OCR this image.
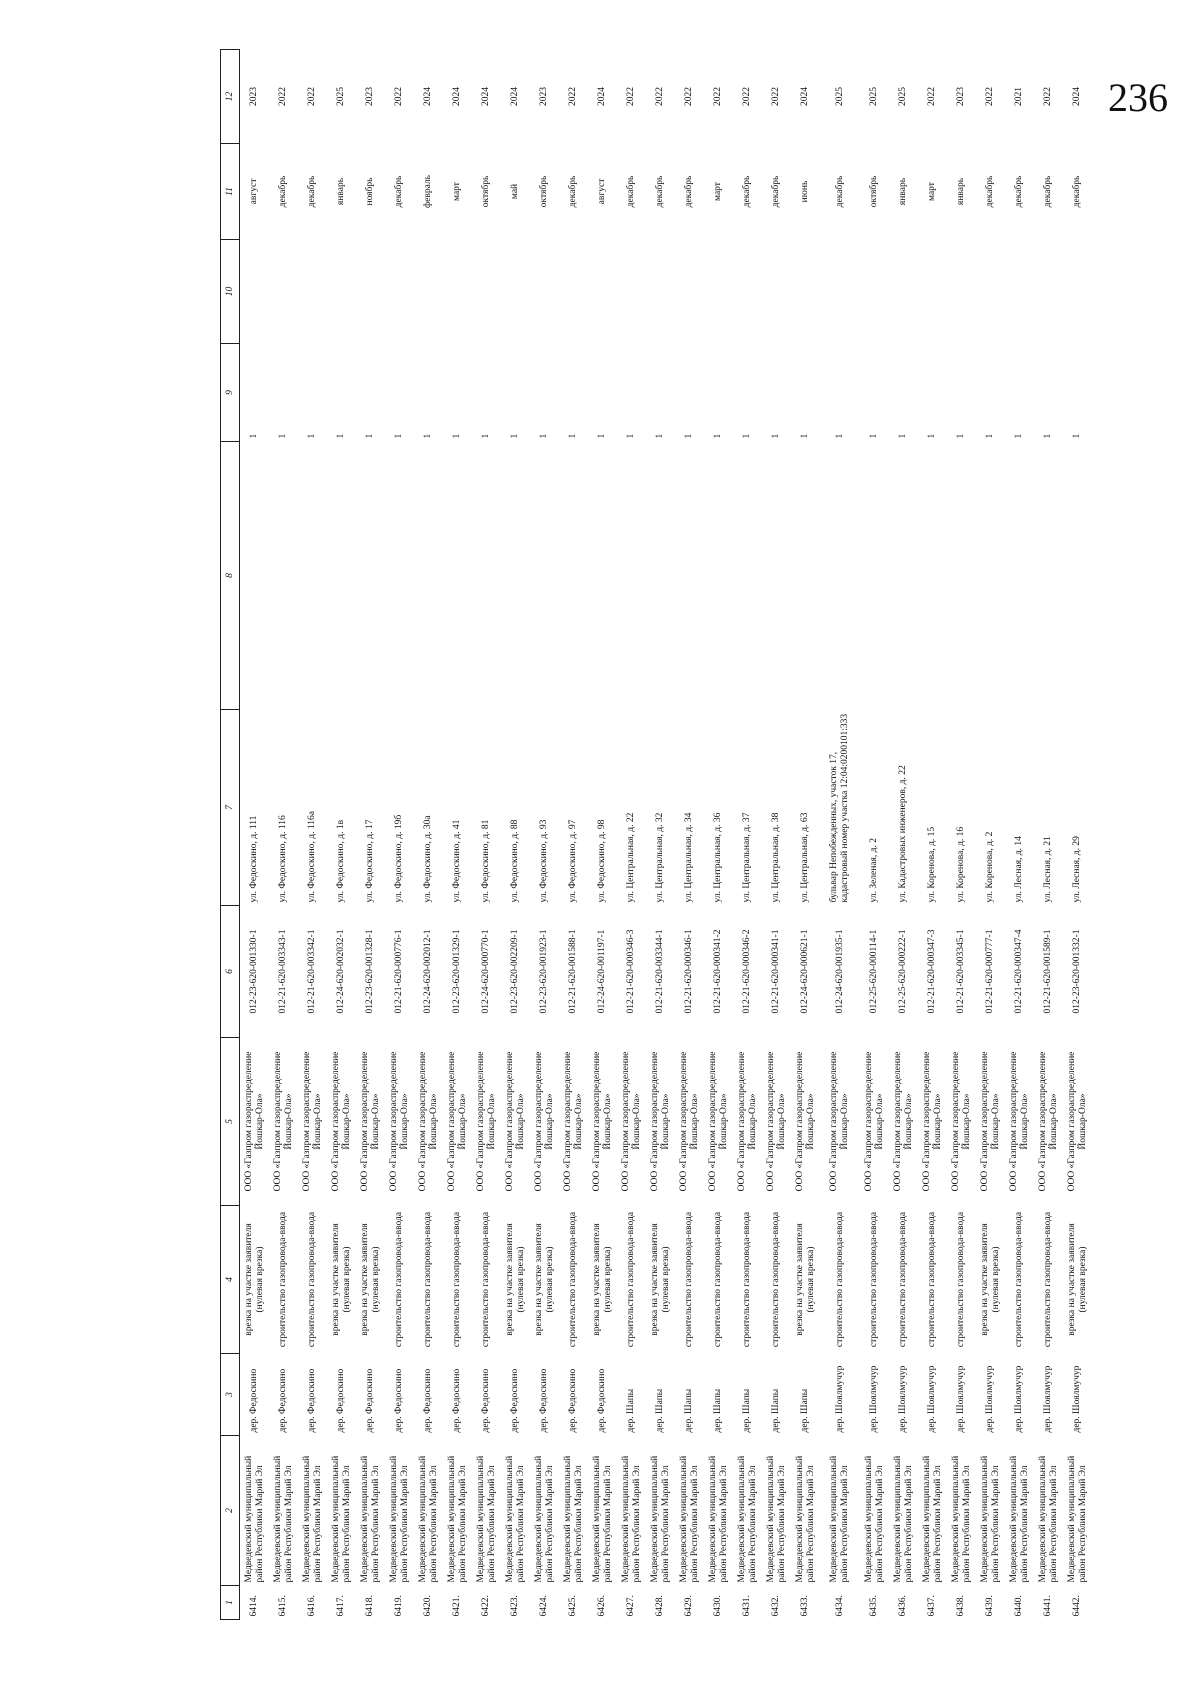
236
1	2	3	4	5	6	7	8	9	10	11	12
6414.	Медведевский муниципальный район Республики Марий Эл	дер. Федоскино	врезка на участке заявителя (нулевая врезка)	ООО «Газпром газораспределение Йошкар-Ола»	012-23-620-001330-1	ул. Федоскино, д. 111		1		август	2023
6415.	Медведевский муниципальный район Республики Марий Эл	дер. Федоскино	строительство газопровода-ввода	ООО «Газпром газораспределение Йошкар-Ола»	012-21-620-003343-1	ул. Федоскино, д. 116		1		декабрь	2022
6416.	Медведевский муниципальный район Республики Марий Эл	дер. Федоскино	строительство газопровода-ввода	ООО «Газпром газораспределение Йошкар-Ола»	012-21-620-003342-1	ул. Федоскино, д. 116а		1		декабрь	2022
6417.	Медведевский муниципальный район Республики Марий Эл	дер. Федоскино	врезка на участке заявителя (нулевая врезка)	ООО «Газпром газораспределение Йошкар-Ола»	012-24-620-002032-1	ул. Федоскино, д. 1в		1		январь	2025
6418.	Медведевский муниципальный район Республики Марий Эл	дер. Федоскино	врезка на участке заявителя (нулевая врезка)	ООО «Газпром газораспределение Йошкар-Ола»	012-23-620-001328-1	ул. Федоскино, д. 17		1		ноябрь	2023
6419.	Медведевский муниципальный район Республики Марий Эл	дер. Федоскино	строительство газопровода-ввода	ООО «Газпром газораспределение Йошкар-Ола»	012-21-620-000776-1	ул. Федоскино, д. 19б		1		декабрь	2022
6420.	Медведевский муниципальный район Республики Марий Эл	дер. Федоскино	строительство газопровода-ввода	ООО «Газпром газораспределение Йошкар-Ола»	012-24-620-002012-1	ул. Федоскино, д. 30а		1		февраль	2024
6421.	Медведевский муниципальный район Республики Марий Эл	дер. Федоскино	строительство газопровода-ввода	ООО «Газпром газораспределение Йошкар-Ола»	012-23-620-001329-1	ул. Федоскино, д. 41		1		март	2024
6422.	Медведевский муниципальный район Республики Марий Эл	дер. Федоскино	строительство газопровода-ввода	ООО «Газпром газораспределение Йошкар-Ола»	012-24-620-000770-1	ул. Федоскино, д. 81		1		октябрь	2024
6423.	Медведевский муниципальный район Республики Марий Эл	дер. Федоскино	врезка на участке заявителя (нулевая врезка)	ООО «Газпром газораспределение Йошкар-Ола»	012-23-620-002209-1	ул. Федоскино, д. 88		1		май	2024
6424.	Медведевский муниципальный район Республики Марий Эл	дер. Федоскино	врезка на участке заявителя (нулевая врезка)	ООО «Газпром газораспределение Йошкар-Ола»	012-23-620-001923-1	ул. Федоскино, д. 93		1		октябрь	2023
6425.	Медведевский муниципальный район Республики Марий Эл	дер. Федоскино	строительство газопровода-ввода	ООО «Газпром газораспределение Йошкар-Ола»	012-21-620-001588-1	ул. Федоскино, д. 97		1		декабрь	2022
6426.	Медведевский муниципальный район Республики Марий Эл	дер. Федоскино	врезка на участке заявителя (нулевая врезка)	ООО «Газпром газораспределение Йошкар-Ола»	012-24-620-001197-1	ул. Федоскино, д. 98		1		август	2024
6427.	Медведевский муниципальный район Республики Марий Эл	дер. Шапы	строительство газопровода-ввода	ООО «Газпром газораспределение Йошкар-Ола»	012-21-620-000346-3	ул. Центральная, д. 22		1		декабрь	2022
6428.	Медведевский муниципальный район Республики Марий Эл	дер. Шапы	врезка на участке заявителя (нулевая врезка)	ООО «Газпром газораспределение Йошкар-Ола»	012-21-620-003344-1	ул. Центральная, д. 32		1		декабрь	2022
6429.	Медведевский муниципальный район Республики Марий Эл	дер. Шапы	строительство газопровода-ввода	ООО «Газпром газораспределение Йошкар-Ола»	012-21-620-000346-1	ул. Центральная, д. 34		1		декабрь	2022
6430.	Медведевский муниципальный район Республики Марий Эл	дер. Шапы	строительство газопровода-ввода	ООО «Газпром газораспределение Йошкар-Ола»	012-21-620-000341-2	ул. Центральная, д. 36		1		март	2022
6431.	Медведевский муниципальный район Республики Марий Эл	дер. Шапы	строительство газопровода-ввода	ООО «Газпром газораспределение Йошкар-Ола»	012-21-620-000346-2	ул. Центральная, д. 37		1		декабрь	2022
6432.	Медведевский муниципальный район Республики Марий Эл	дер. Шапы	строительство газопровода-ввода	ООО «Газпром газораспределение Йошкар-Ола»	012-21-620-000341-1	ул. Центральная, д. 38		1		декабрь	2022
6433.	Медведевский муниципальный район Республики Марий Эл	дер. Шапы	врезка на участке заявителя (нулевая врезка)	ООО «Газпром газораспределение Йошкар-Ола»	012-24-620-000621-1	ул. Центральная, д. 63		1		июнь	2024
6434.	Медведевский муниципальный район Республики Марий Эл	дер. Шоялмучур	строительство газопровода-ввода	ООО «Газпром газораспределение Йошкар-Ола»	012-24-620-001935-1	бульвар Непобежденных, участок 17, кадастровый номер участка 12:04:0200101:333		1		декабрь	2025
6435.	Медведевский муниципальный район Республики Марий Эл	дер. Шоялмучур	строительство газопровода-ввода	ООО «Газпром газораспределение Йошкар-Ола»	012-25-620-000114-1	ул. Зеленая, д. 2		1		октябрь	2025
6436.	Медведевский муниципальный район Республики Марий Эл	дер. Шоялмучур	строительство газопровода-ввода	ООО «Газпром газораспределение Йошкар-Ола»	012-25-620-000222-1	ул. Кадастровых инженеров, д. 22		1		январь	2025
6437.	Медведевский муниципальный район Республики Марий Эл	дер. Шоялмучур	строительство газопровода-ввода	ООО «Газпром газораспределение Йошкар-Ола»	012-21-620-000347-3	ул. Коренова, д. 15		1		март	2022
6438.	Медведевский муниципальный район Республики Марий Эл	дер. Шоялмучур	строительство газопровода-ввода	ООО «Газпром газораспределение Йошкар-Ола»	012-21-620-003345-1	ул. Коренова, д. 16		1		январь	2023
6439.	Медведевский муниципальный район Республики Марий Эл	дер. Шоялмучур	врезка на участке заявителя (нулевая врезка)	ООО «Газпром газораспределение Йошкар-Ола»	012-21-620-000777-1	ул. Коренова, д. 2		1		декабрь	2022
6440.	Медведевский муниципальный район Республики Марий Эл	дер. Шоялмучур	строительство газопровода-ввода	ООО «Газпром газораспределение Йошкар-Ола»	012-21-620-000347-4	ул. Лесная, д. 14		1		декабрь	2021
6441.	Медведевский муниципальный район Республики Марий Эл	дер. Шоялмучур	строительство газопровода-ввода	ООО «Газпром газораспределение Йошкар-Ола»	012-21-620-001589-1	ул. Лесная, д. 21		1		декабрь	2022
6442.	Медведевский муниципальный район Республики Марий Эл	дер. Шоялмучур	врезка на участке заявителя (нулевая врезка)	ООО «Газпром газораспределение Йошкар-Ола»	012-23-620-001332-1	ул. Лесная, д. 29		1		декабрь	2024
